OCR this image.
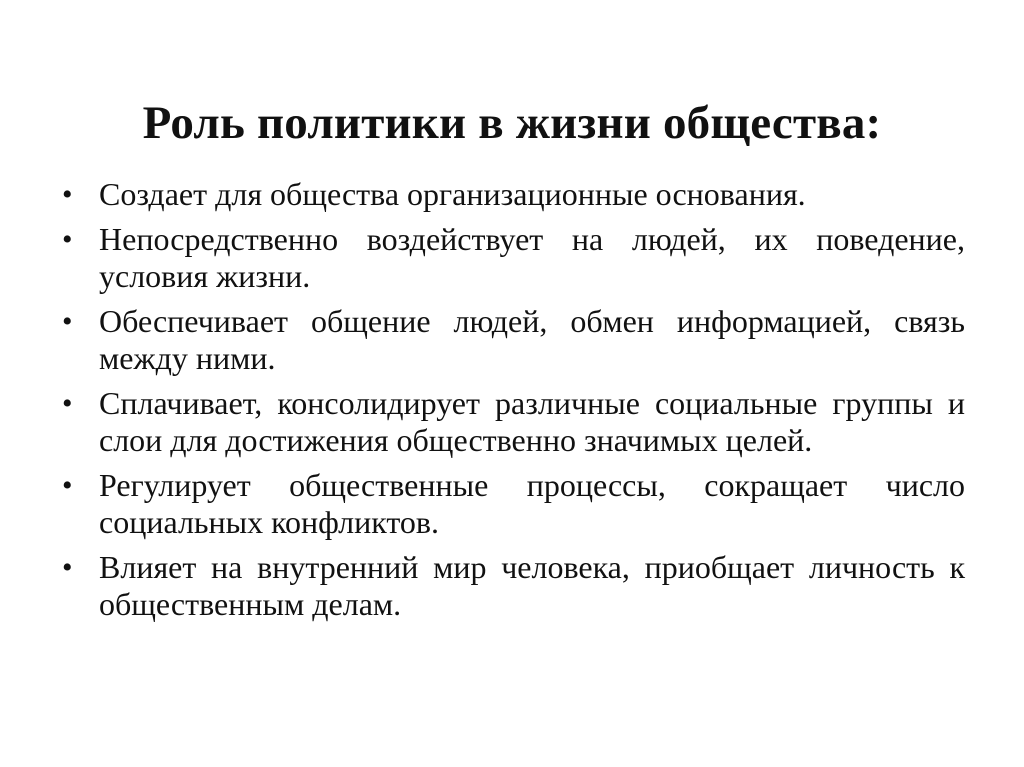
Роль политики в жизни общества:
• Создает для общества организационные основания.
• Непосредственно воздействует на людей, их поведение, условия жизни.
• Обеспечивает общение людей, обмен информацией, связь между ними.
• Сплачивает, консолидирует различные социальные группы и слои для достижения общественно значимых целей.
• Регулирует общественные процессы, сокращает число социальных конфликтов.
• Влияет на внутренний мир человека, приобщает личность к общественным делам.
